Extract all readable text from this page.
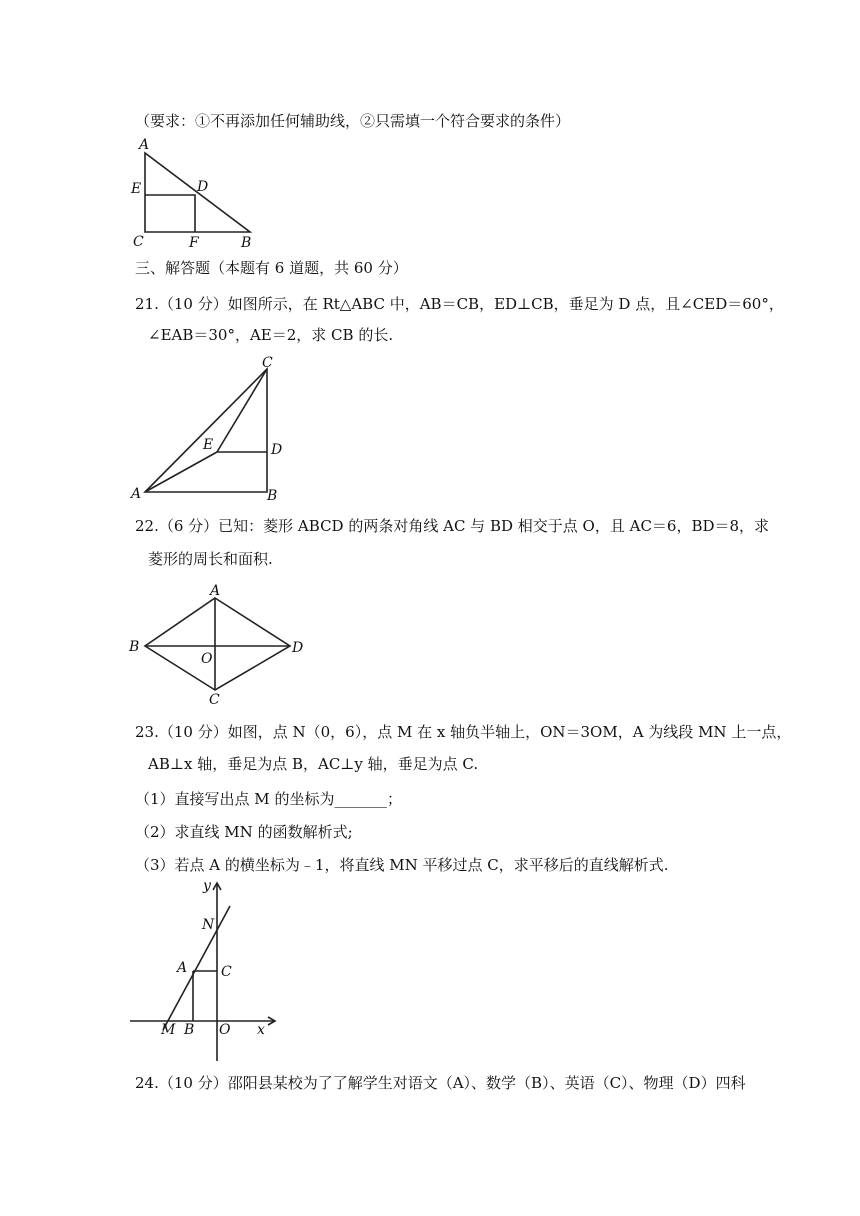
（要求：①不再添加任何辅助线，②只需填一个符合要求的条件）
A
E	D
C	F	B
三、解答题（本题有 6 道题，共 60 分）
21.（10 分）如图所示，在 Rt△ABC 中，AB＝CB，ED⊥CB，垂足为 D 点，且∠CED＝60°，
∠EAB＝30°，AE＝2，求 CB 的长.
C
E	D
A	B
22.（6 分）已知：菱形 ABCD 的两条对角线 AC 与 BD 相交于点 O，且 AC＝6，BD＝8，求
菱形的周长和面积.
A
B
O
D
C
23.（10 分）如图，点 N（0，6），点 M 在 x 轴负半轴上，ON＝3OM，A 为线段 MN 上一点，
AB⊥x 轴，垂足为点 B，AC⊥y 轴，垂足为点 C.
（1）直接写出点 M 的坐标为_______；
（2）求直线 MN 的函数解析式;
（3）若点 A 的横坐标为﹣1，将直线 MN 平移过点 C，求平移后的直线解析式.
y
N
A C
M B O x
24.（10 分）邵阳县某校为了了解学生对语文（A）、数学（B）、英语（C）、物理（D）四科
